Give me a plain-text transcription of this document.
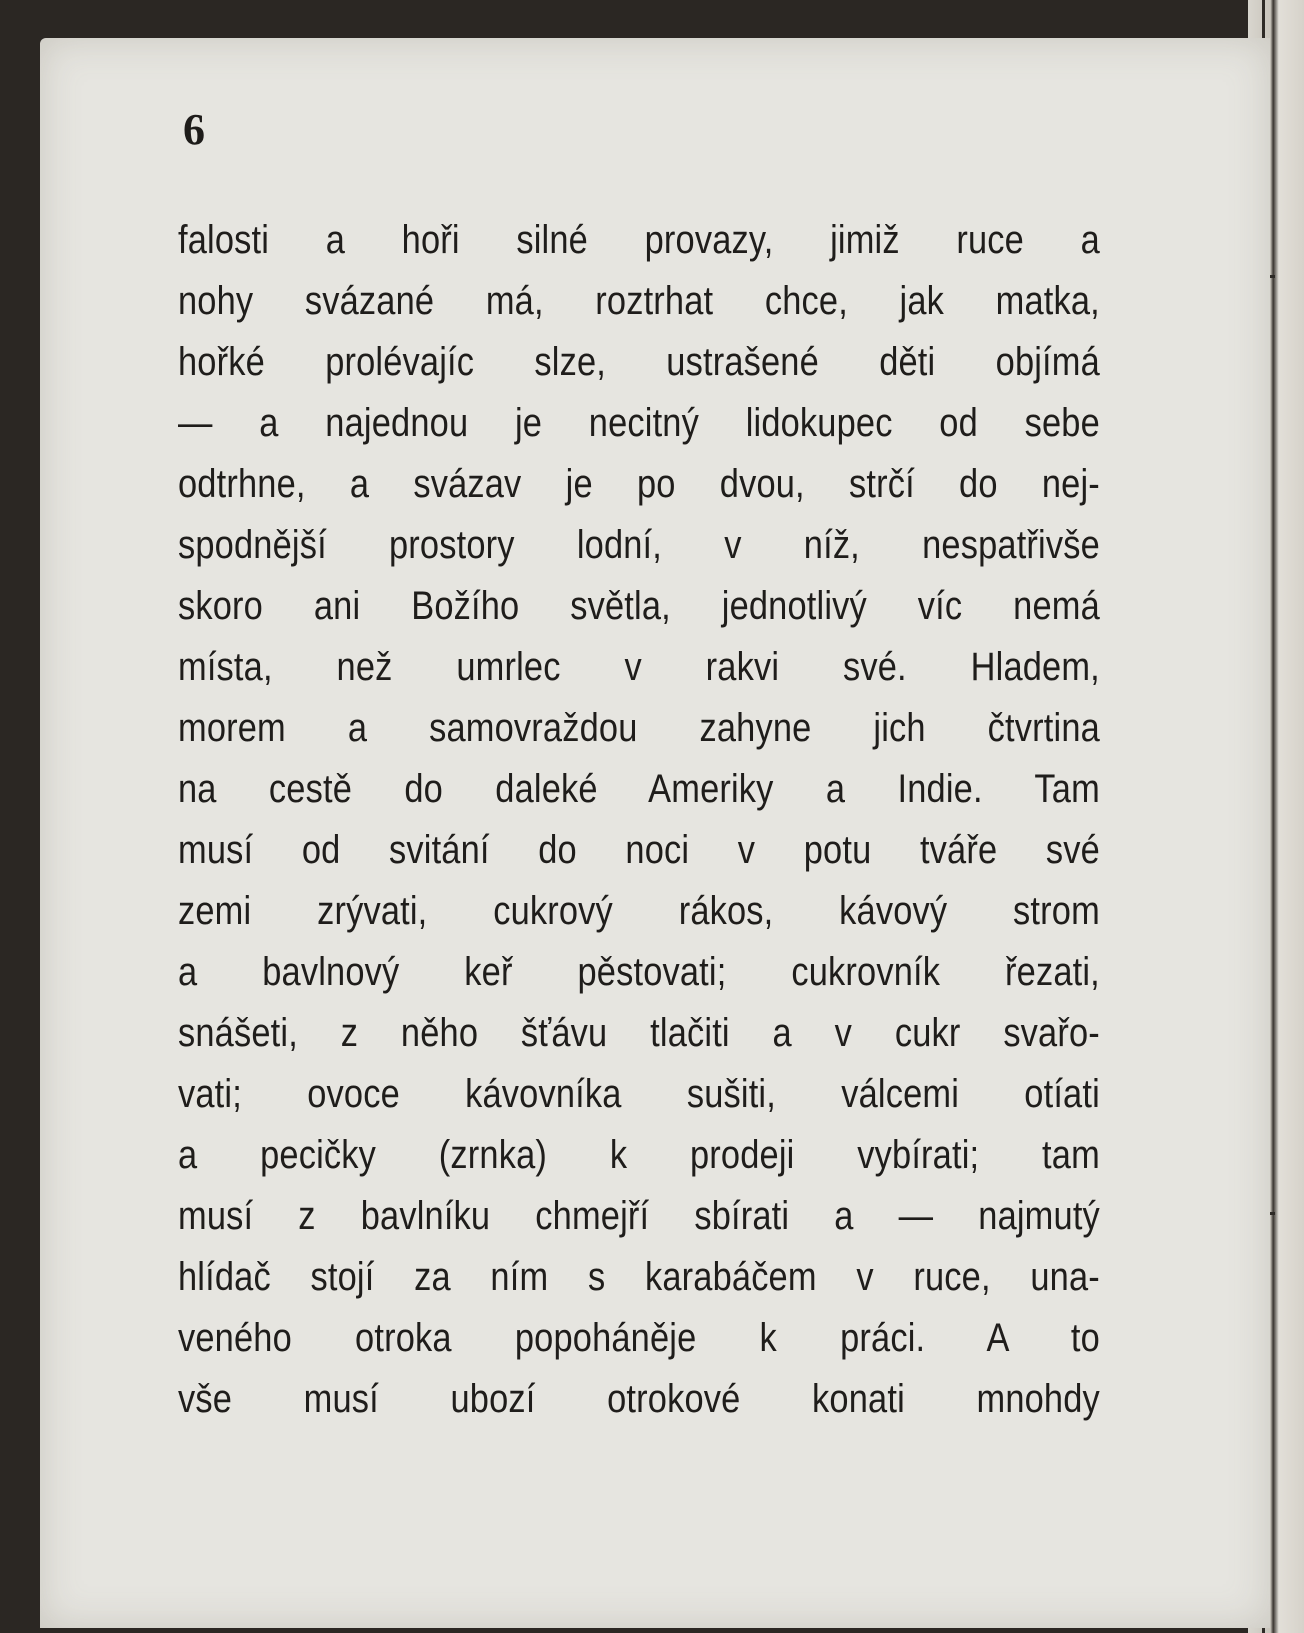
6
falosti a hoři silné provazy, jimiž ruce a
nohy svázané má, roztrhat chce, jak matka,
hořké prolévajíc slze, ustrašené děti objímá
— a najednou je necitný lidokupec od sebe
odtrhne, a svázav je po dvou, strčí do nej-
spodnější prostory lodní, v níž, nespatřivše
skoro ani Božího světla, jednotlivý víc nemá
místa, než umrlec v rakvi své. Hladem,
morem a samovraždou zahyne jich čtvrtina
na cestě do daleké Ameriky a Indie. Tam
musí od svitání do noci v potu tváře své
zemi zrývati, cukrový rákos, kávový strom
a bavlnový keř pěstovati; cukrovník řezati,
snášeti, z něho šťávu tlačiti a v cukr svařo-
vati; ovoce kávovníka sušiti, válcemi otíati
a pecičky (zrnka) k prodeji vybírati; tam
musí z bavlníku chmejří sbírati a — najmutý
hlídač stojí za ním s karabáčem v ruce, una-
veného otroka popoháněje k práci. A to
vše musí ubozí otrokové konati mnohdy
